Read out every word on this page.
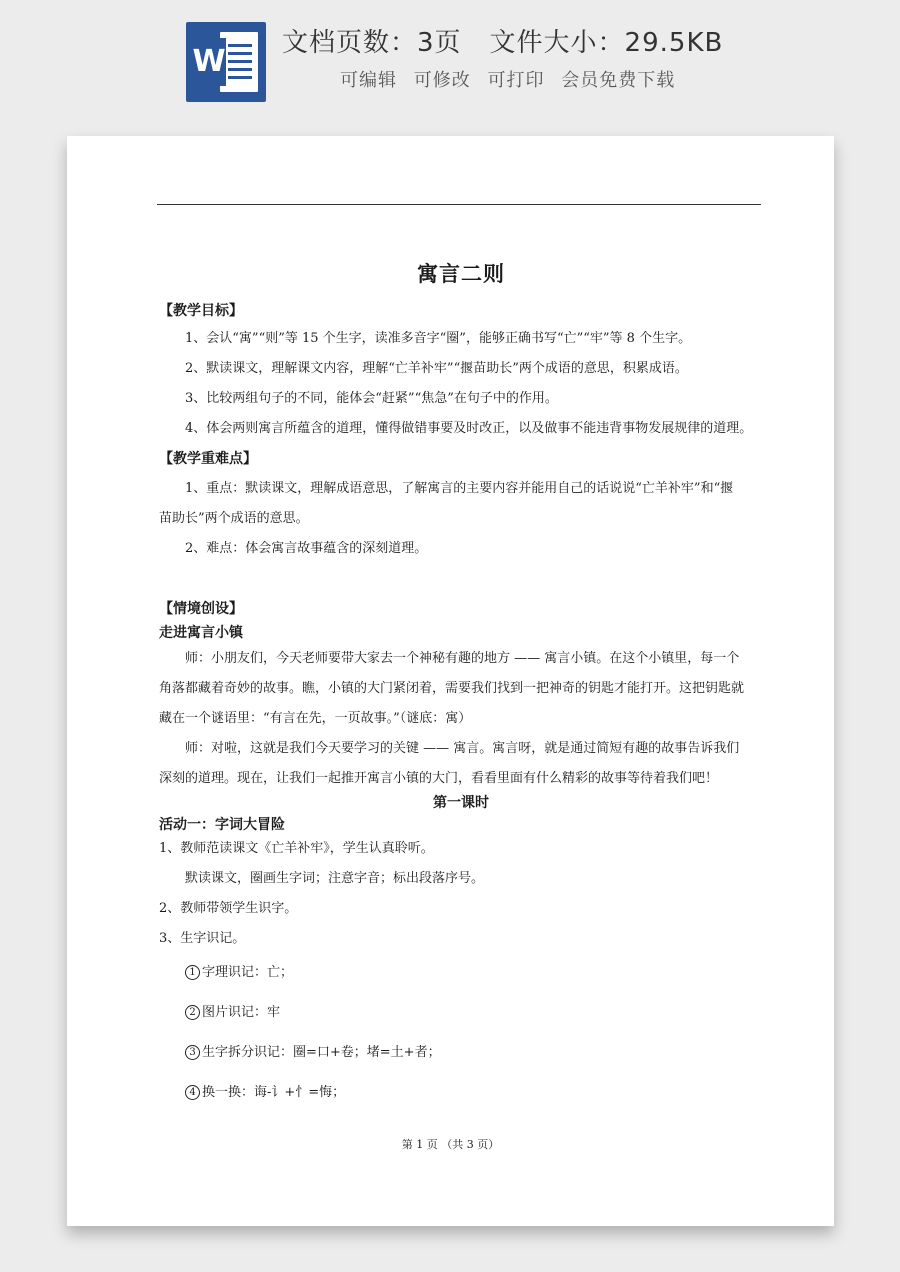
W
文档页数：3页 文件大小：29.5KB
可编辑 可修改 可打印 会员免费下载
寓言二则
【教学目标】
1、会认“寓”“则”等 15 个生字，读准多音字“圈”，能够正确书写“亡”“牢”等 8 个生字。
2、默读课文，理解课文内容，理解“亡羊补牢”“揠苗助长”两个成语的意思，积累成语。
3、比较两组句子的不同，能体会“赶紧”“焦急”在句子中的作用。
4、体会两则寓言所蕴含的道理，懂得做错事要及时改正，以及做事不能违背事物发展规律的道理。
【教学重难点】
1、重点：默读课文，理解成语意思，了解寓言的主要内容并能用自己的话说说“亡羊补牢”和“揠
苗助长”两个成语的意思。
2、难点：体会寓言故事蕴含的深刻道理。
【情境创设】
走进寓言小镇
师：小朋友们，今天老师要带大家去一个神秘有趣的地方 —— 寓言小镇。在这个小镇里，每一个
角落都藏着奇妙的故事。瞧，小镇的大门紧闭着，需要我们找到一把神奇的钥匙才能打开。这把钥匙就
藏在一个谜语里：“有言在先，一页故事。”（谜底：寓）
师：对啦，这就是我们今天要学习的关键 —— 寓言。寓言呀，就是通过简短有趣的故事告诉我们
深刻的道理。现在，让我们一起推开寓言小镇的大门，看看里面有什么精彩的故事等待着我们吧！
第一课时
活动一：字词大冒险
1、教师范读课文《亡羊补牢》，学生认真聆听。
默读课文，圈画生字词；注意字音；标出段落序号。
2、教师带领学生识字。
3、生字识记。
1 字理识记：亡；
2 图片识记：牢
3 生字拆分识记：圈=口+卷；堵=土+者；
4 换一换：诲-讠+忄=悔；
第 1 页 （共 3 页）
